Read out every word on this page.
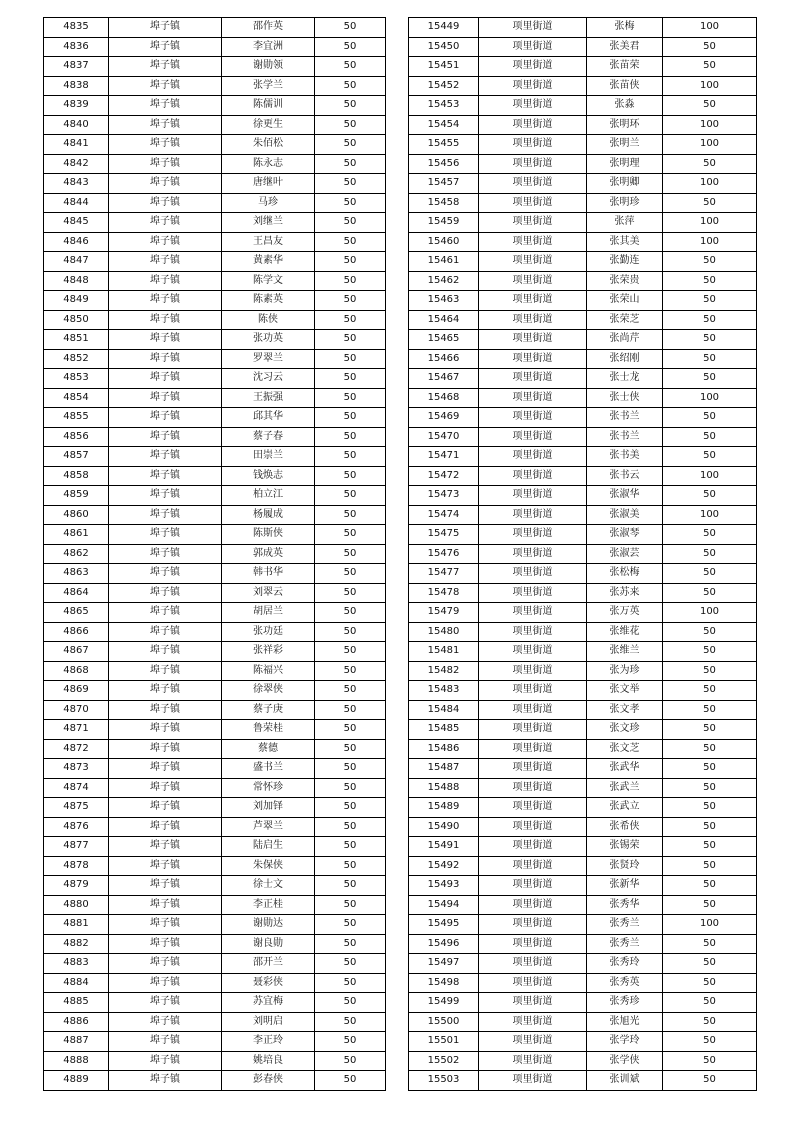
4835	埠子镇	邵作英	50
4836	埠子镇	李宜洲	50
4837	埠子镇	谢勋领	50
4838	埠子镇	张学兰	50
4839	埠子镇	陈儒训	50
4840	埠子镇	徐更生	50
4841	埠子镇	朱佰松	50
4842	埠子镇	陈永志	50
4843	埠子镇	唐继叶	50
4844	埠子镇	马珍	50
4845	埠子镇	刘继兰	50
4846	埠子镇	王昌友	50
4847	埠子镇	黄素华	50
4848	埠子镇	陈学文	50
4849	埠子镇	陈素英	50
4850	埠子镇	陈侠	50
4851	埠子镇	张功英	50
4852	埠子镇	罗翠兰	50
4853	埠子镇	沈习云	50
4854	埠子镇	王振强	50
4855	埠子镇	邱其华	50
4856	埠子镇	蔡子春	50
4857	埠子镇	田崇兰	50
4858	埠子镇	钱焕志	50
4859	埠子镇	柏立江	50
4860	埠子镇	杨履成	50
4861	埠子镇	陈斯侠	50
4862	埠子镇	郭成英	50
4863	埠子镇	韩书华	50
4864	埠子镇	刘翠云	50
4865	埠子镇	胡居兰	50
4866	埠子镇	张功廷	50
4867	埠子镇	张祥彩	50
4868	埠子镇	陈福兴	50
4869	埠子镇	徐翠侠	50
4870	埠子镇	蔡子庚	50
4871	埠子镇	鲁荣桂	50
4872	埠子镇	蔡德	50
4873	埠子镇	盛书兰	50
4874	埠子镇	常怀珍	50
4875	埠子镇	刘加铎	50
4876	埠子镇	芦翠兰	50
4877	埠子镇	陆启生	50
4878	埠子镇	朱保侠	50
4879	埠子镇	徐士文	50
4880	埠子镇	李正桂	50
4881	埠子镇	谢勋达	50
4882	埠子镇	谢良勋	50
4883	埠子镇	邵开兰	50
4884	埠子镇	聂彩侠	50
4885	埠子镇	苏宜梅	50
4886	埠子镇	刘明启	50
4887	埠子镇	李正玲	50
4888	埠子镇	姚培良	50
4889	埠子镇	彭春侠	50
15449	项里街道	张梅	100
15450	项里街道	张美君	50
15451	项里街道	张苗荣	50
15452	项里街道	张苗侠	100
15453	项里街道	张淼	50
15454	项里街道	张明环	100
15455	项里街道	张明兰	100
15456	项里街道	张明理	50
15457	项里街道	张明卿	100
15458	项里街道	张明珍	50
15459	项里街道	张萍	100
15460	项里街道	张其美	100
15461	项里街道	张勤连	50
15462	项里街道	张荣贵	50
15463	项里街道	张荣山	50
15464	项里街道	张荣芝	50
15465	项里街道	张尚芹	50
15466	项里街道	张绍刚	50
15467	项里街道	张士龙	50
15468	项里街道	张士侠	100
15469	项里街道	张书兰	50
15470	项里街道	张书兰	50
15471	项里街道	张书美	50
15472	项里街道	张书云	100
15473	项里街道	张淑华	50
15474	项里街道	张淑美	100
15475	项里街道	张淑琴	50
15476	项里街道	张淑芸	50
15477	项里街道	张松梅	50
15478	项里街道	张苏来	50
15479	项里街道	张万英	100
15480	项里街道	张维花	50
15481	项里街道	张维兰	50
15482	项里街道	张为珍	50
15483	项里街道	张文举	50
15484	项里街道	张文孝	50
15485	项里街道	张文珍	50
15486	项里街道	张文芝	50
15487	项里街道	张武华	50
15488	项里街道	张武兰	50
15489	项里街道	张武立	50
15490	项里街道	张希侠	50
15491	项里街道	张锡荣	50
15492	项里街道	张贤玲	50
15493	项里街道	张新华	50
15494	项里街道	张秀华	50
15495	项里街道	张秀兰	100
15496	项里街道	张秀兰	50
15497	项里街道	张秀玲	50
15498	项里街道	张秀英	50
15499	项里街道	张秀珍	50
15500	项里街道	张旭光	50
15501	项里街道	张学玲	50
15502	项里街道	张学侠	50
15503	项里街道	张训斌	50
